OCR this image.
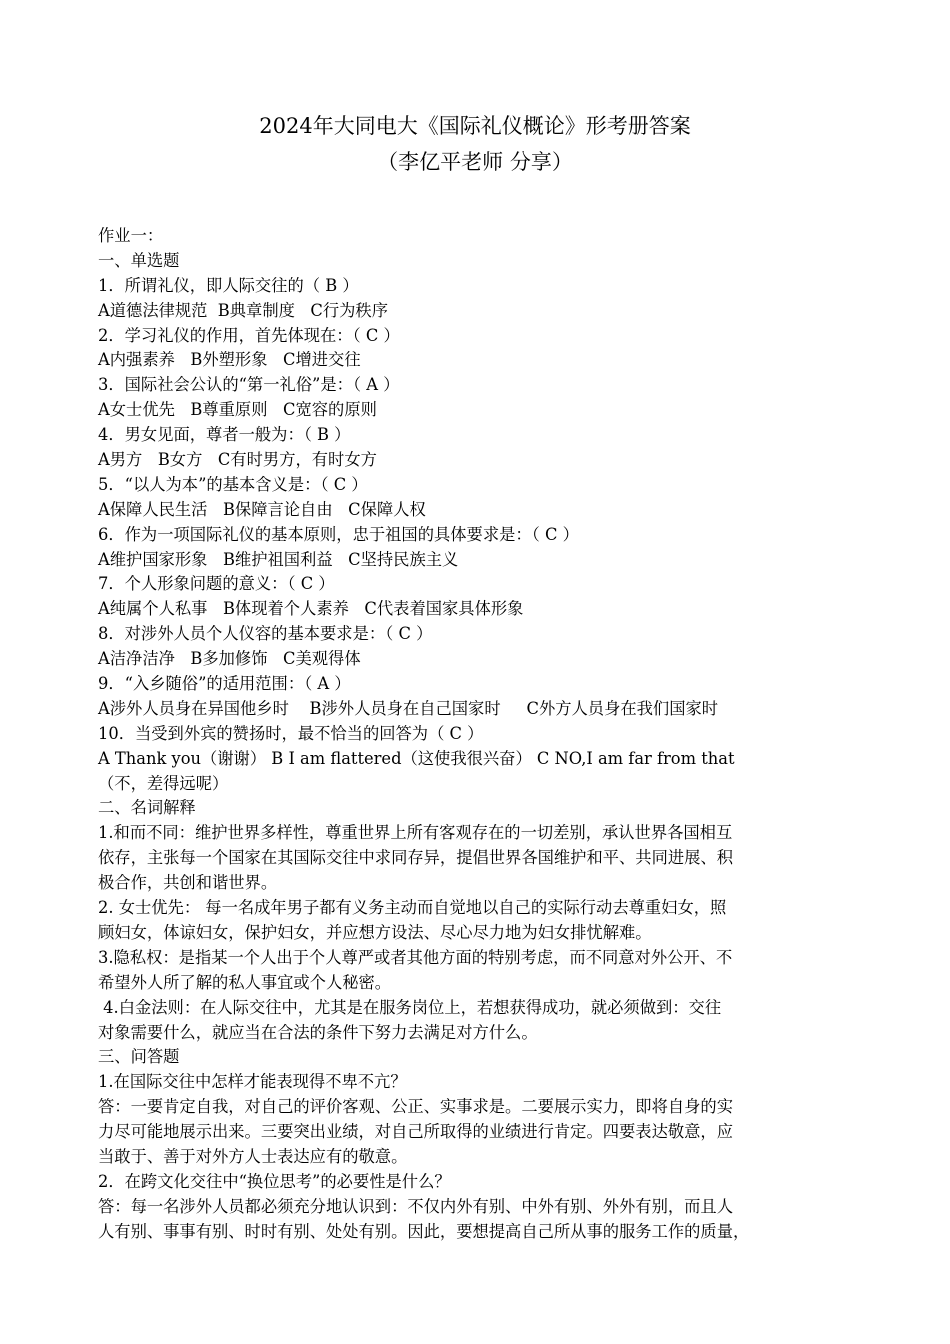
2024年大同电大《国际礼仪概论》形考册答案
（李亿平老师 分享）
作业一：
一、单选题
1．所谓礼仪，即人际交往的（ B ）
A道德法律规范  B典章制度   C行为秩序
2．学习礼仪的作用，首先体现在：（ C ）
A内强素养   B外塑形象   C增进交往
3．国际社会公认的“第一礼俗”是：（ A ）
A女士优先   B尊重原则   C宽容的原则
4．男女见面，尊者一般为：（ B ）
A男方   B女方   C有时男方，有时女方
5．“以人为本”的基本含义是：（ C ）
A保障人民生活   B保障言论自由   C保障人权
6．作为一项国际礼仪的基本原则，忠于祖国的具体要求是：（ C ）
A维护国家形象   B维护祖国利益   C坚持民族主义
7．个人形象问题的意义：（ C ）
A纯属个人私事   B体现着个人素养   C代表着国家具体形象
8．对涉外人员个人仪容的基本要求是：（ C ）
A洁净洁净   B多加修饰   C美观得体
9．“入乡随俗”的适用范围：（ A ）
A涉外人员身在异国他乡时    B涉外人员身在自己国家时     C外方人员身在我们国家时
10．当受到外宾的赞扬时，最不恰当的回答为（ C ）
A Thank you（谢谢） B I am flattered（这使我很兴奋） C NO,I am far from that
（不，差得远呢）
二、名词解释
1.和而不同：维护世界多样性，尊重世界上所有客观存在的一切差别，承认世界各国相互
依存，主张每一个国家在其国际交往中求同存异，提倡世界各国维护和平、共同进展、积
极合作，共创和谐世界。
2. 女士优先： 每一名成年男子都有义务主动而自觉地以自己的实际行动去尊重妇女，照
顾妇女，体谅妇女，保护妇女，并应想方设法、尽心尽力地为妇女排忧解难。
3.隐私权：是指某一个人出于个人尊严或者其他方面的特别考虑，而不同意对外公开、不
希望外人所了解的私人事宜或个人秘密。
4.白金法则：在人际交往中，尤其是在服务岗位上，若想获得成功，就必须做到：交往
对象需要什么，就应当在合法的条件下努力去满足对方什么。
三、问答题
1.在国际交往中怎样才能表现得不卑不亢？
答：一要肯定自我，对自己的评价客观、公正、实事求是。二要展示实力，即将自身的实
力尽可能地展示出来。三要突出业绩，对自己所取得的业绩进行肯定。四要表达敬意，应
当敢于、善于对外方人士表达应有的敬意。
2．在跨文化交往中“换位思考”的必要性是什么？
答：每一名涉外人员都必须充分地认识到：不仅内外有别、中外有别、外外有别，而且人
人有别、事事有别、时时有别、处处有别。因此，要想提高自己所从事的服务工作的质量，
